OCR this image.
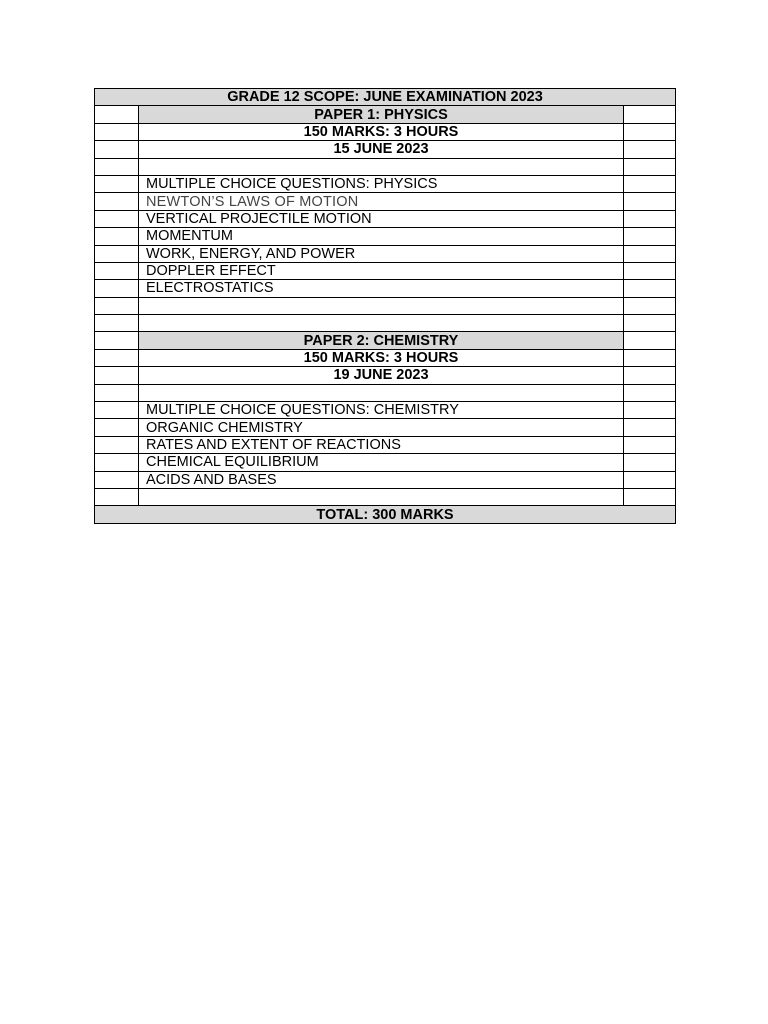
GRADE 12 SCOPE: JUNE EXAMINATION 2023		
	PAPER 1: PHYSICS	
	150 MARKS: 3 HOURS	
	15 JUNE 2023	

	MULTIPLE CHOICE QUESTIONS: PHYSICS	
	NEWTON’S LAWS OF MOTION	
	VERTICAL PROJECTILE MOTION	
	MOMENTUM	
	WORK, ENERGY, AND POWER	
	DOPPLER EFFECT	
	ELECTROSTATICS	

	PAPER 2: CHEMISTRY	
	150 MARKS: 3 HOURS	
	19 JUNE 2023	

	MULTIPLE CHOICE QUESTIONS: CHEMISTRY	
	ORGANIC CHEMISTRY	
	RATES AND EXTENT OF REACTIONS	
	CHEMICAL EQUILIBRIUM	
	ACIDS AND BASES	

TOTAL: 300 MARKS		
